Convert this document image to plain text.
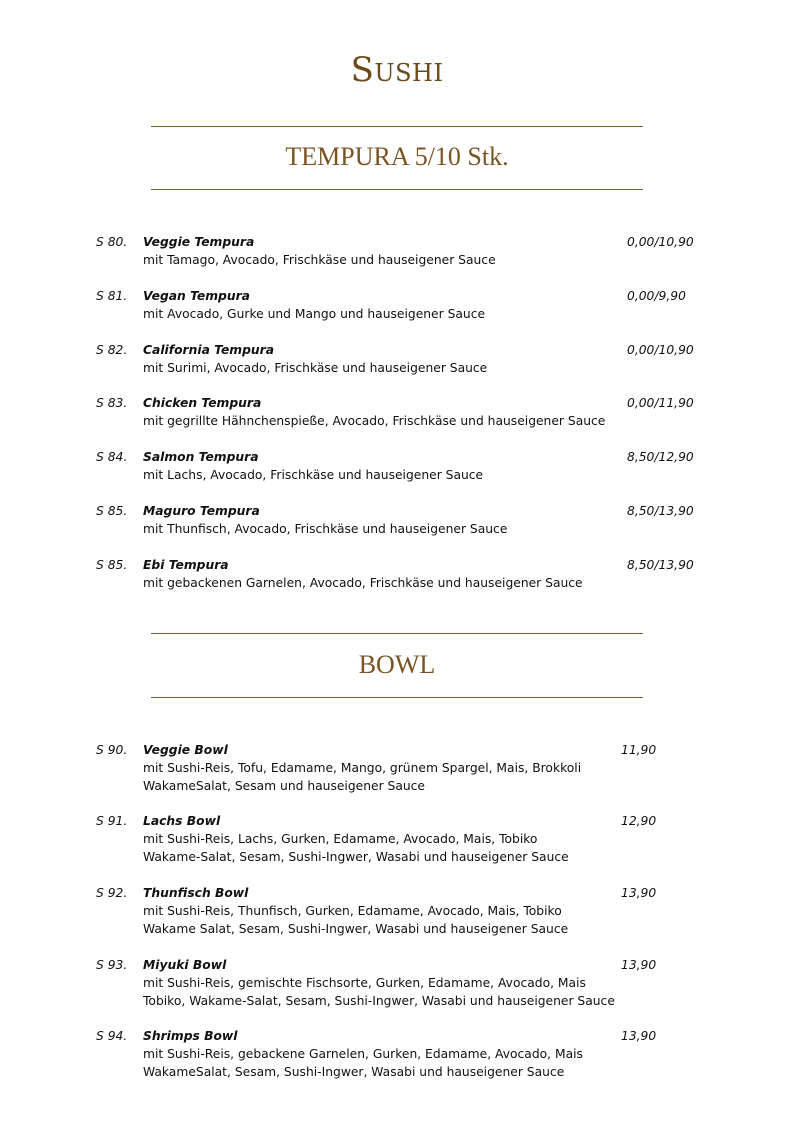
Sushi
TEMPURA 5/10 Stk.
S 80. Veggie Tempura	0,00/10,90
mit Tamago, Avocado, Frischkäse und hauseigener Sauce
S 81. Vegan Tempura	0,00/9,90
mit Avocado, Gurke und Mango und hauseigener Sauce
S 82. California Tempura	0,00/10,90
mit Surimi, Avocado, Frischkäse und hauseigener Sauce
S 83. Chicken Tempura	0,00/11,90
mit gegrillte Hähnchenspieße, Avocado, Frischkäse und hauseigener Sauce
S 84. Salmon Tempura	8,50/12,90
mit Lachs, Avocado, Frischkäse und hauseigener Sauce
S 85. Maguro Tempura	8,50/13,90
mit Thunfisch, Avocado, Frischkäse und hauseigener Sauce
S 85. Ebi Tempura	8,50/13,90
mit gebackenen Garnelen, Avocado, Frischkäse und hauseigener Sauce
BOWL
S 90. Veggie Bowl	11,90
mit Sushi-Reis, Tofu, Edamame, Mango, grünem Spargel, Mais, Brokkoli
WakameSalat, Sesam und hauseigener Sauce
S 91. Lachs Bowl	12,90
mit Sushi-Reis, Lachs, Gurken, Edamame, Avocado, Mais, Tobiko
Wakame-Salat, Sesam, Sushi-Ingwer, Wasabi und hauseigener Sauce
S 92. Thunfisch Bowl	13,90
mit Sushi-Reis, Thunfisch, Gurken, Edamame, Avocado, Mais, Tobiko
Wakame Salat, Sesam, Sushi-Ingwer, Wasabi und hauseigener Sauce
S 93. Miyuki Bowl	13,90
mit Sushi-Reis, gemischte Fischsorte, Gurken, Edamame, Avocado, Mais
Tobiko, Wakame-Salat, Sesam, Sushi-Ingwer, Wasabi und hauseigener Sauce
S 94. Shrimps Bowl	13,90
mit Sushi-Reis, gebackene Garnelen, Gurken, Edamame, Avocado, Mais
WakameSalat, Sesam, Sushi-Ingwer, Wasabi und hauseigener Sauce
